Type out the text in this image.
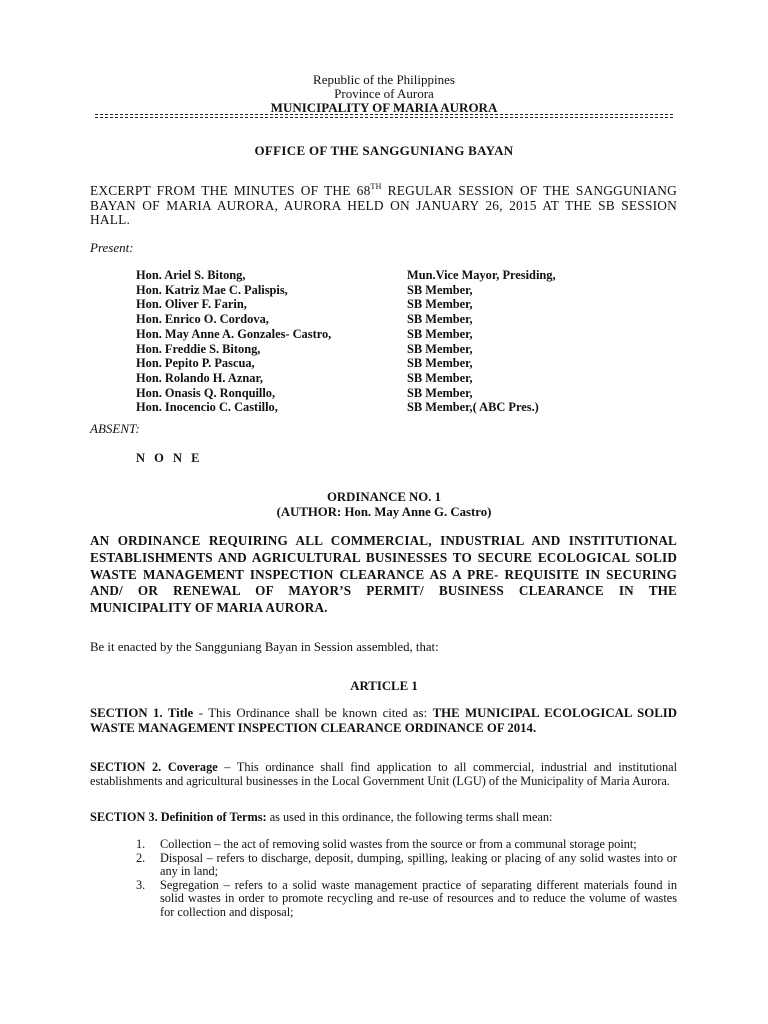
Republic of the Philippines
Province of Aurora
MUNICIPALITY OF MARIA AURORA
OFFICE OF THE SANGGUNIANG BAYAN
EXCERPT FROM THE MINUTES OF THE 68TH REGULAR SESSION OF THE SANGGUNIANG BAYAN OF MARIA AURORA, AURORA HELD ON JANUARY 26, 2015 AT THE SB SESSION HALL.
Present:
Hon. Ariel S. Bitong,	Mun.Vice Mayor, Presiding,
Hon. Katriz Mae C. Palispis,	SB Member,
Hon. Oliver F. Farin,	SB Member,
Hon. Enrico O. Cordova,	SB Member,
Hon. May Anne A. Gonzales- Castro,	SB Member,
Hon. Freddie S. Bitong,	SB Member,
Hon. Pepito P. Pascua,	SB Member,
Hon. Rolando H. Aznar,	SB Member,
Hon. Onasis Q. Ronquillo,	SB Member,
Hon. Inocencio C. Castillo,	SB Member,( ABC Pres.)
ABSENT:
N O N E
ORDINANCE NO. 1
(AUTHOR: Hon. May Anne G. Castro)
AN ORDINANCE REQUIRING ALL COMMERCIAL, INDUSTRIAL AND INSTITUTIONAL ESTABLISHMENTS AND AGRICULTURAL BUSINESSES TO SECURE ECOLOGICAL SOLID WASTE MANAGEMENT INSPECTION CLEARANCE AS A PRE- REQUISITE IN SECURING AND/ OR RENEWAL OF MAYOR’S PERMIT/ BUSINESS CLEARANCE IN THE MUNICIPALITY OF MARIA AURORA.
Be it enacted by the Sangguniang Bayan in Session assembled, that:
ARTICLE 1
SECTION 1. Title - This Ordinance shall be known cited as: THE MUNICIPAL ECOLOGICAL SOLID WASTE MANAGEMENT INSPECTION CLEARANCE ORDINANCE OF 2014.
SECTION 2. Coverage – This ordinance shall find application to all commercial, industrial and institutional establishments and agricultural businesses in the Local Government Unit (LGU) of the Municipality of Maria Aurora.
SECTION 3. Definition of Terms: as used in this ordinance, the following terms shall mean:
1. Collection – the act of removing solid wastes from the source or from a communal storage point;
2. Disposal – refers to discharge, deposit, dumping, spilling, leaking or placing of any solid wastes into or any in land;
3. Segregation – refers to a solid waste management practice of separating different materials found in solid wastes in order to promote recycling and re-use of resources and to reduce the volume of wastes for collection and disposal;
